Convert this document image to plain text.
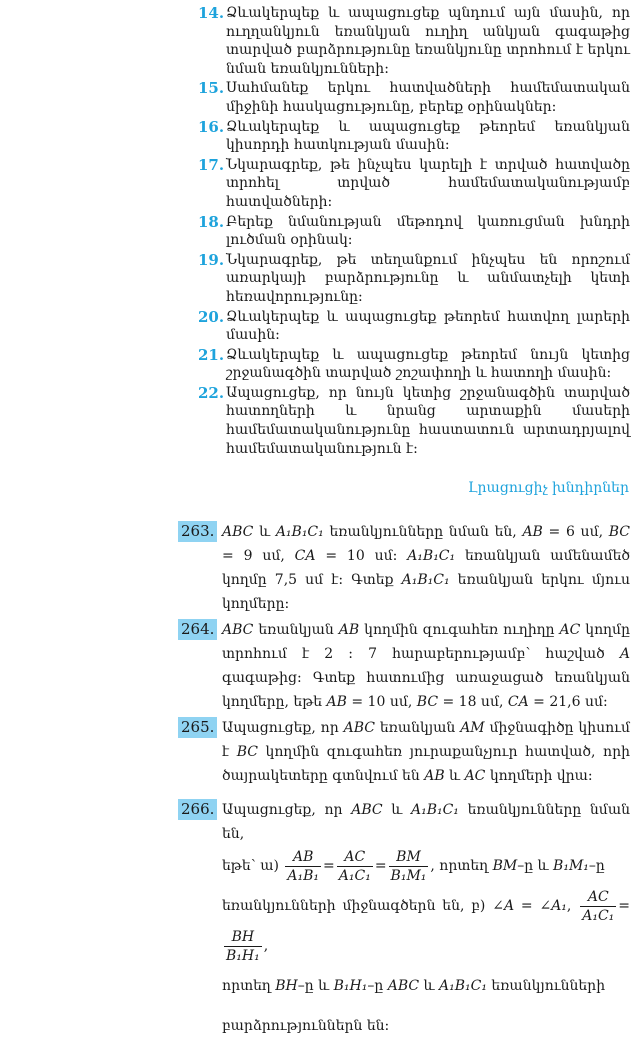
14. Ձևակերպեք և ապացուցեք պնդում այն մասին, որ ուղղանկյուն եռանկյան ուղիղ անկյան գագաթից տարված բարձրությունը եռանկյունը տրոհում է երկու նման եռանկյունների:
15. Սահմանեք երկու հատվածների համեմատական միջինի հասկացությունը, բերեք օրինակներ:
16. Ձևակերպեք և ապացուցեք թեորեմ եռանկյան կիսորդի հատկության մասին:
17. Նկարագրեք, թե ինչպես կարելի է տրված հատվածը տրոհել տրված համեմատականությամբ հատվածների:
18. Բերեք նմանության մեթոդով կառուցման խնդրի լուծման օրինակ:
19. Նկարագրեք, թե տեղանքում ինչպես են որոշում առարկայի բարձրությունը և անմատչելի կետի հեռավորությունը:
20. Ձևակերպեք և ապացուցեք թեորեմ հատվող լարերի մասին:
21. Ձևակերպեք և ապացուցեք թեորեմ նույն կետից շրջանագծին տարված շոշափողի և հատողի մասին:
22. Ապացուցեք, որ նույն կետից շրջանագծին տարված հատողների և նրանց արտաքին մասերի համեմատականությունը հաստատուն արտադրյալով համեմատականություն է:
Լրացուցիչ խնդիրներ
263. ABC և A₁B₁C₁ եռանկյունները նման են, AB = 6 սմ, BC = 9 սմ, CA = 10 սմ: A₁B₁C₁ եռանկյան ամենամեծ կողմը 7,5 սմ է: Գտեք A₁B₁C₁ եռանկյան երկու մյուս կողմերը:
264. ABC եռանկյան AB կողմին զուգահեռ ուղիղը AC կողմը տրոհում է 2 : 7 հարաբերությամբ՝ հաշված A գագաթից: Գտեք հատումից առաջացած եռանկյան կողմերը, եթե AB = 10 սմ, BC = 18 սմ, CA = 21,6 սմ:
265. Ապացուցեք, որ ABC եռանկյան AM միջնագիծը կիսում է BC կողմին զուգահեռ յուրաքանչյուր հատված, որի ծայրակետերը գտնվում են AB և AC կողմերի վրա:
266. Ապացուցեք, որ ABC և A₁B₁C₁ եռանկյունները նման են,
եթե՝ ա) $\frac{AB}{\text{A₁B₁}} = \frac{AC}{\text{A₁C₁}} = \frac{BM}{\text{B₁M₁}}$ , որտեղ BM–ը և B₁M₁–ը
եռանկյունների միջնագծերն են, բ) ∠A = ∠A₁, $\frac{AC}{\text{A₁C₁}}$ =
$\frac{BH}{\text{B₁H₁}}$ ,
որտեղ BH–ը և B₁H₁–ը ABC և A₁B₁C₁ եռանկյունների
բարձրություններն են:
